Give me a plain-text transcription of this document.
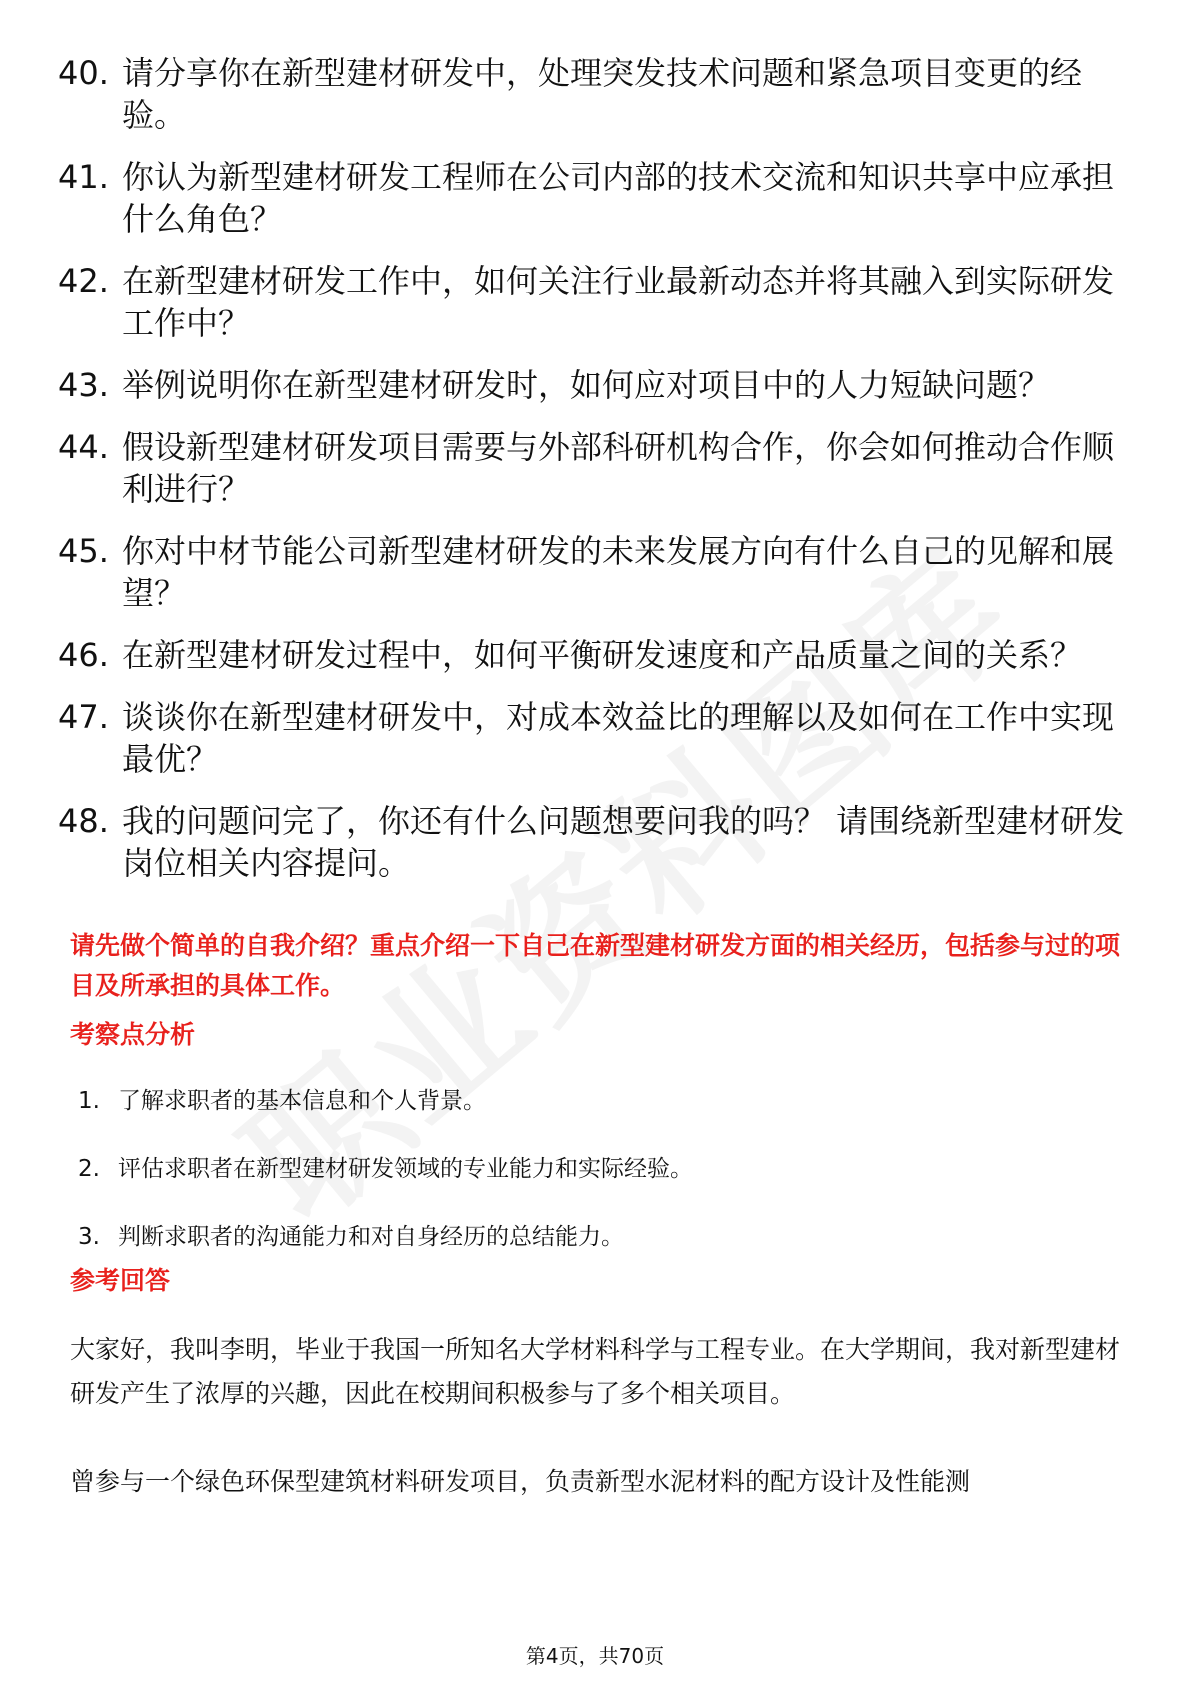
40. 请分享你在新型建材研发中，处理突发技术问题和紧急项目变更的经验。
41. 你认为新型建材研发工程师在公司内部的技术交流和知识共享中应承担什么角色？
42. 在新型建材研发工作中，如何关注行业最新动态并将其融入到实际研发工作中？
43. 举例说明你在新型建材研发时，如何应对项目中的人力短缺问题？
44. 假设新型建材研发项目需要与外部科研机构合作，你会如何推动合作顺利进行？
45. 你对中材节能公司新型建材研发的未来发展方向有什么自己的见解和展望？
46. 在新型建材研发过程中，如何平衡研发速度和产品质量之间的关系？
47. 谈谈你在新型建材研发中，对成本效益比的理解以及如何在工作中实现最优？
48. 我的问题问完了，你还有什么问题想要问我的吗？ 请围绕新型建材研发岗位相关内容提问。
请先做个简单的自我介绍？重点介绍一下自己在新型建材研发方面的相关经历，包括参与过的项目及所承担的具体工作。
考察点分析
1. 了解求职者的基本信息和个人背景。
2. 评估求职者在新型建材研发领域的专业能力和实际经验。
3. 判断求职者的沟通能力和对自身经历的总结能力。
参考回答
大家好，我叫李明，毕业于我国一所知名大学材料科学与工程专业。在大学期间，我对新型建材研发产生了浓厚的兴趣，因此在校期间积极参与了多个相关项目。
曾参与一个绿色环保型建筑材料研发项目，负责新型水泥材料的配方设计及性能测
第4页，共70页
